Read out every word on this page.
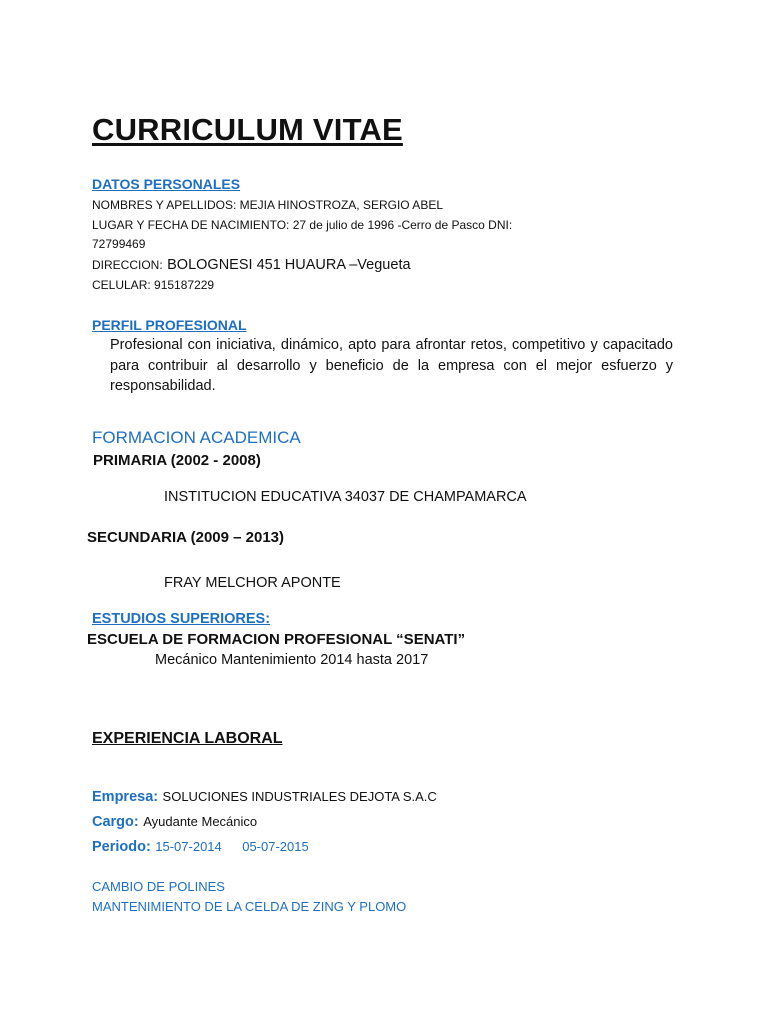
CURRICULUM VITAE
DATOS PERSONALES
NOMBRES Y APELLIDOS: MEJIA HINOSTROZA, SERGIO ABEL
LUGAR Y FECHA DE NACIMIENTO: 27 de julio de 1996 -Cerro de Pasco DNI:
72799469
DIRECCION: BOLOGNESI 451 HUAURA –Vegueta
CELULAR: 915187229
PERFIL PROFESIONAL
Profesional con iniciativa, dinámico, apto para afrontar retos, competitivo y capacitado para contribuir al desarrollo y beneficio de la empresa con el mejor esfuerzo y responsabilidad.
FORMACION ACADEMICA
PRIMARIA (2002 - 2008)
INSTITUCION EDUCATIVA 34037 DE CHAMPAMARCA
SECUNDARIA (2009 – 2013)
FRAY MELCHOR APONTE
ESTUDIOS SUPERIORES:
ESCUELA DE FORMACION PROFESIONAL “SENATI”
Mecánico Mantenimiento 2014 hasta 2017
EXPERIENCIA LABORAL
Empresa: SOLUCIONES INDUSTRIALES DEJOTA S.A.C
Cargo: Ayudante Mecánico
Periodo: 15-07-2014 05-07-2015
CAMBIO DE POLINES
MANTENIMIENTO DE LA CELDA DE ZING Y PLOMO
